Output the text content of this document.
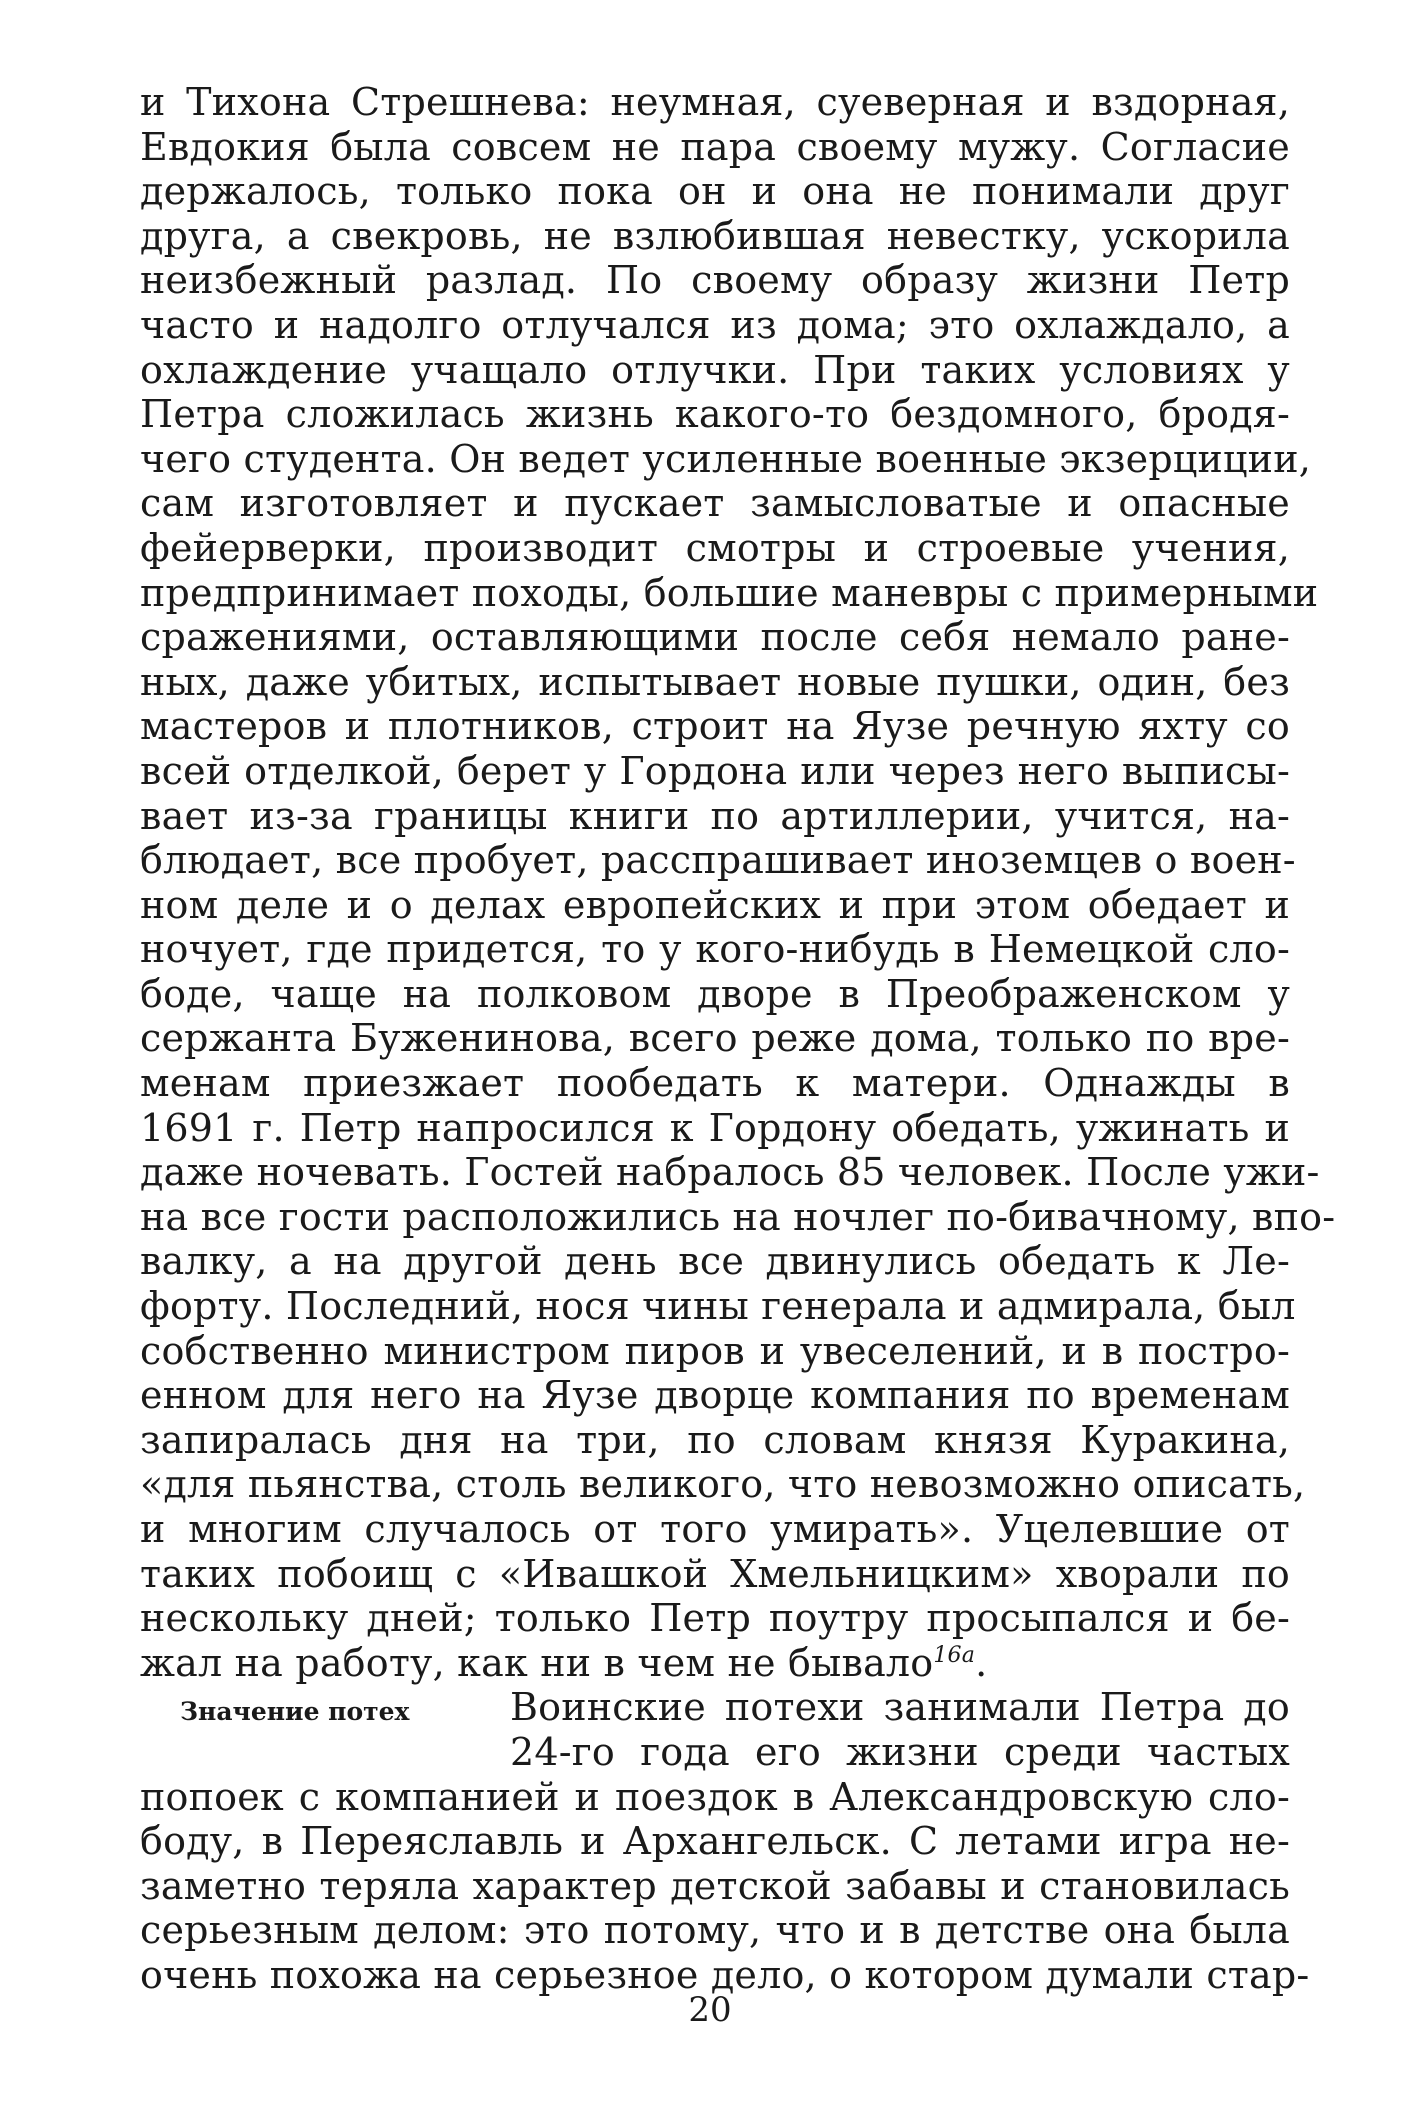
и Тихона Стрешнева: неумная, суеверная и вздорная,
Евдокия была совсем не пара своему мужу. Согласие
держалось, только пока он и она не понимали друг
друга, а свекровь, не взлюбившая невестку, ускорила
неизбежный разлад. По своему образу жизни Петр
часто и надолго отлучался из дома; это охлаждало, а
охлаждение учащало отлучки. При таких условиях у
Петра сложилась жизнь какого-то бездомного, бродя-
чего студента. Он ведет усиленные военные экзерциции,
сам изготовляет и пускает замысловатые и опасные
фейерверки, производит смотры и строевые учения,
предпринимает походы, большие маневры с примерными
сражениями, оставляющими после себя немало ране-
ных, даже убитых, испытывает новые пушки, один, без
мастеров и плотников, строит на Яузе речную яхту со
всей отделкой, берет у Гордона или через него выписы-
вает из-за границы книги по артиллерии, учится, на-
блюдает, все пробует, расспрашивает иноземцев о воен-
ном деле и о делах европейских и при этом обедает и
ночует, где придется, то у кого-нибудь в Немецкой сло-
боде, чаще на полковом дворе в Преображенском у
сержанта Буженинова, всего реже дома, только по вре-
менам приезжает пообедать к матери. Однажды в
1691 г. Петр напросился к Гордону обедать, ужинать и
даже ночевать. Гостей набралось 85 человек. После ужи-
на все гости расположились на ночлег по-бивачному, впо-
валку, а на другой день все двинулись обедать к Ле-
форту. Последний, нося чины генерала и адмирала, был
собственно министром пиров и увеселений, и в постро-
енном для него на Яузе дворце компания по временам
запиралась дня на три, по словам князя Куракина,
«для пьянства, столь великого, что невозможно описать,
и многим случалось от того умирать». Уцелевшие от
таких побоищ с «Ивашкой Хмельницким» хворали по
нескольку дней; только Петр поутру просыпался и бе-
жал на работу, как ни в чем не бывало$^{16а}$.
Значение потех	Воинские потехи занимали Петра до
24-го года его жизни среди частых
попоек с компанией и поездок в Александровскую сло-
боду, в Переяславль и Архангельск. С летами игра не-
заметно теряла характер детской забавы и становилась
серьезным делом: это потому, что и в детстве она была
очень похожа на серьезное дело, о котором думали стар-
20
